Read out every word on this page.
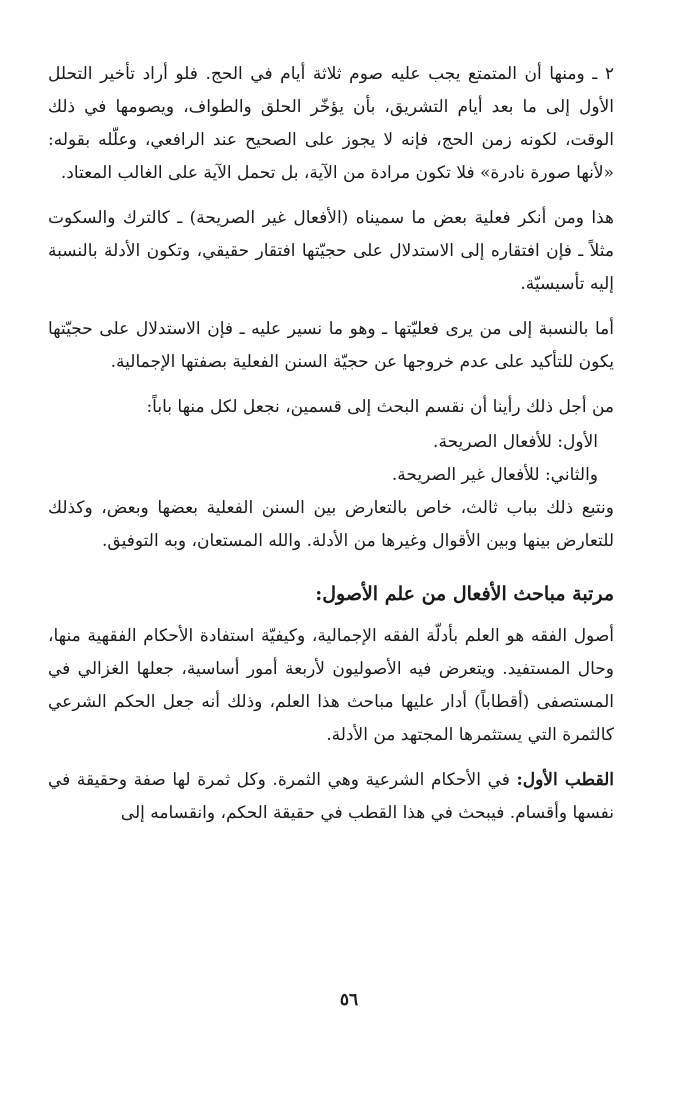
٢ ـ ومنها أن المتمتع يجب عليه صوم ثلاثة أيام في الحج. فلو أراد تأخير التحلل الأول إلى ما بعد أيام التشريق، بأن يؤخّر الحلق والطواف، ويصومها في ذلك الوقت، لكونه زمن الحج، فإنه لا يجوز على الصحيح عند الرافعي، وعلّله بقوله: «لأنها صورة نادرة» فلا تكون مرادة من الآية، بل تحمل الآية على الغالب المعتاد.

هذا ومن أنكر فعلية بعض ما سميناه (الأفعال غير الصريحة) ـ كالترك والسكوت مثلاً ـ فإن افتقاره إلى الاستدلال على حجيّتها افتقار حقيقي، وتكون الأدلة بالنسبة إليه تأسيسيّة.

أما بالنسبة إلى من يرى فعليّتها ـ وهو ما نسير عليه ـ فإن الاستدلال على حجيّتها يكون للتأكيد على عدم خروجها عن حجيّة السنن الفعلية بصفتها الإجمالية.

من أجل ذلك رأينا أن نقسم البحث إلى قسمين، نجعل لكل منها باباً:

الأول: للأفعال الصريحة.
والثاني: للأفعال غير الصريحة.

ونتبع ذلك بباب ثالث، خاص بالتعارض بين السنن الفعلية بعضها وبعض، وكذلك للتعارض بينها وبين الأقوال وغيرها من الأدلة. والله المستعان، وبه التوفيق.

مرتبة مباحث الأفعال من علم الأصول:

أصول الفقه هو العلم بأدلّة الفقه الإجمالية، وكيفيّة استفادة الأحكام الفقهية منها، وحال المستفيد. ويتعرض فيه الأصوليون لأربعة أمور أساسية، جعلها الغزالي في المستصفى (أقطاباً) أدار عليها مباحث هذا العلم، وذلك أنه جعل الحكم الشرعي كالثمرة التي يستثمرها المجتهد من الأدلة.

القطب الأول: في الأحكام الشرعية وهي الثمرة. وكل ثمرة لها صفة وحقيقة في نفسها وأقسام. فيبحث في هذا القطب في حقيقة الحكم، وانقسامه إلى

٥٦
